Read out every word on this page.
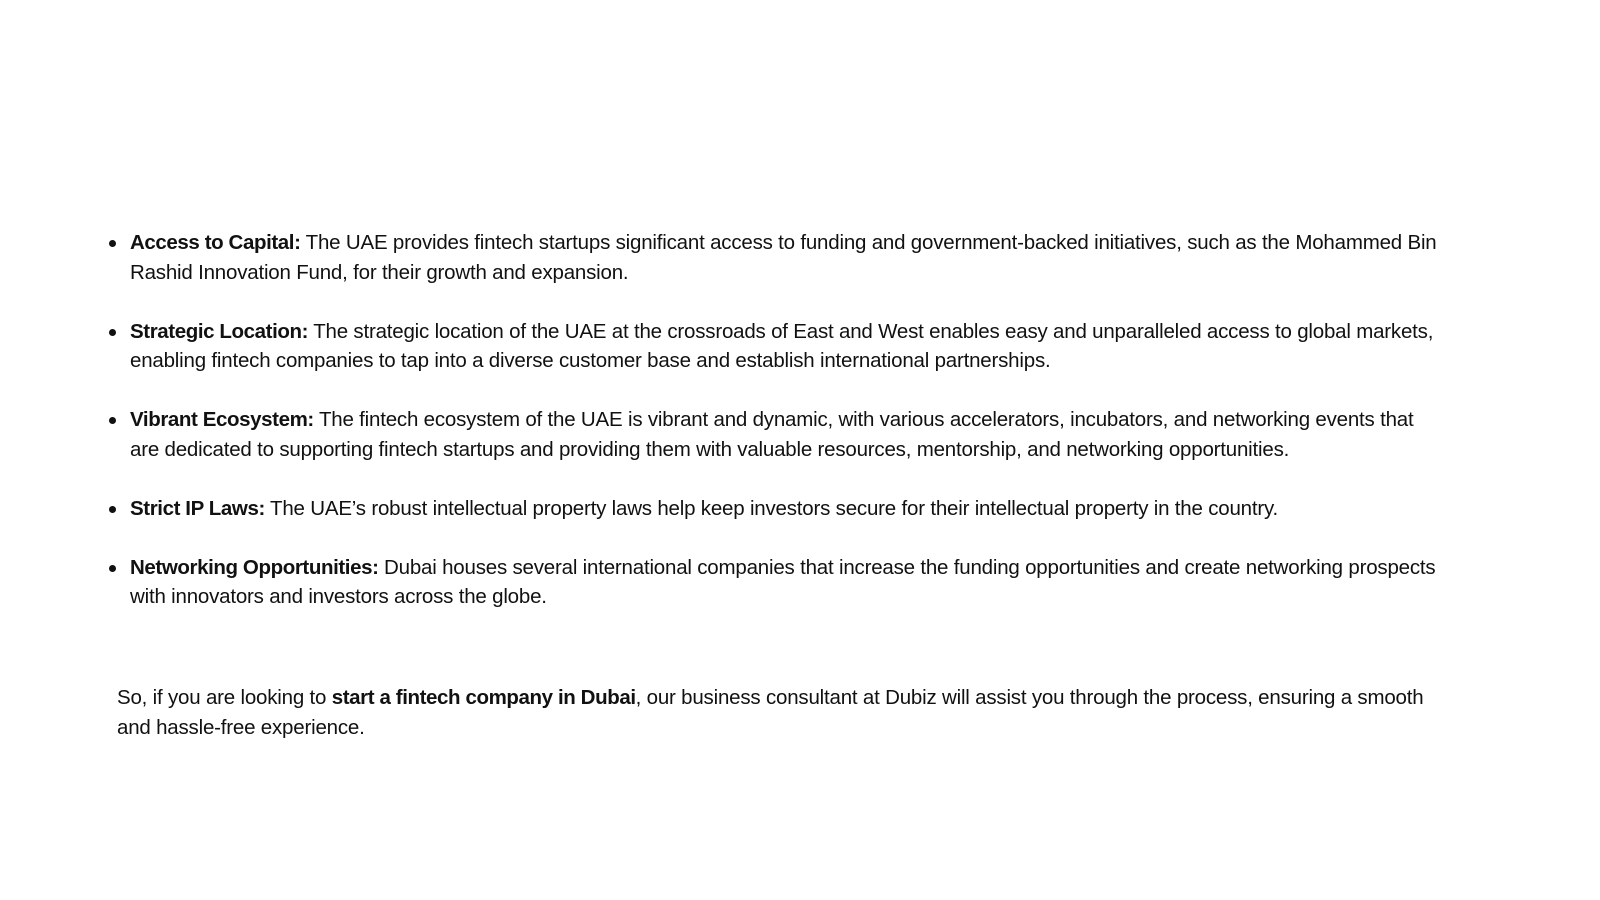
Access to Capital: The UAE provides fintech startups significant access to funding and government-backed initiatives, such as the Mohammed Bin Rashid Innovation Fund, for their growth and expansion.
Strategic Location: The strategic location of the UAE at the crossroads of East and West enables easy and unparalleled access to global markets, enabling fintech companies to tap into a diverse customer base and establish international partnerships.
Vibrant Ecosystem: The fintech ecosystem of the UAE is vibrant and dynamic, with various accelerators, incubators, and networking events that are dedicated to supporting fintech startups and providing them with valuable resources, mentorship, and networking opportunities.
Strict IP Laws: The UAE’s robust intellectual property laws help keep investors secure for their intellectual property in the country.
Networking Opportunities: Dubai houses several international companies that increase the funding opportunities and create networking prospects with innovators and investors across the globe.

So, if you are looking to start a fintech company in Dubai, our business consultant at Dubiz will assist you through the process, ensuring a smooth and hassle-free experience.
